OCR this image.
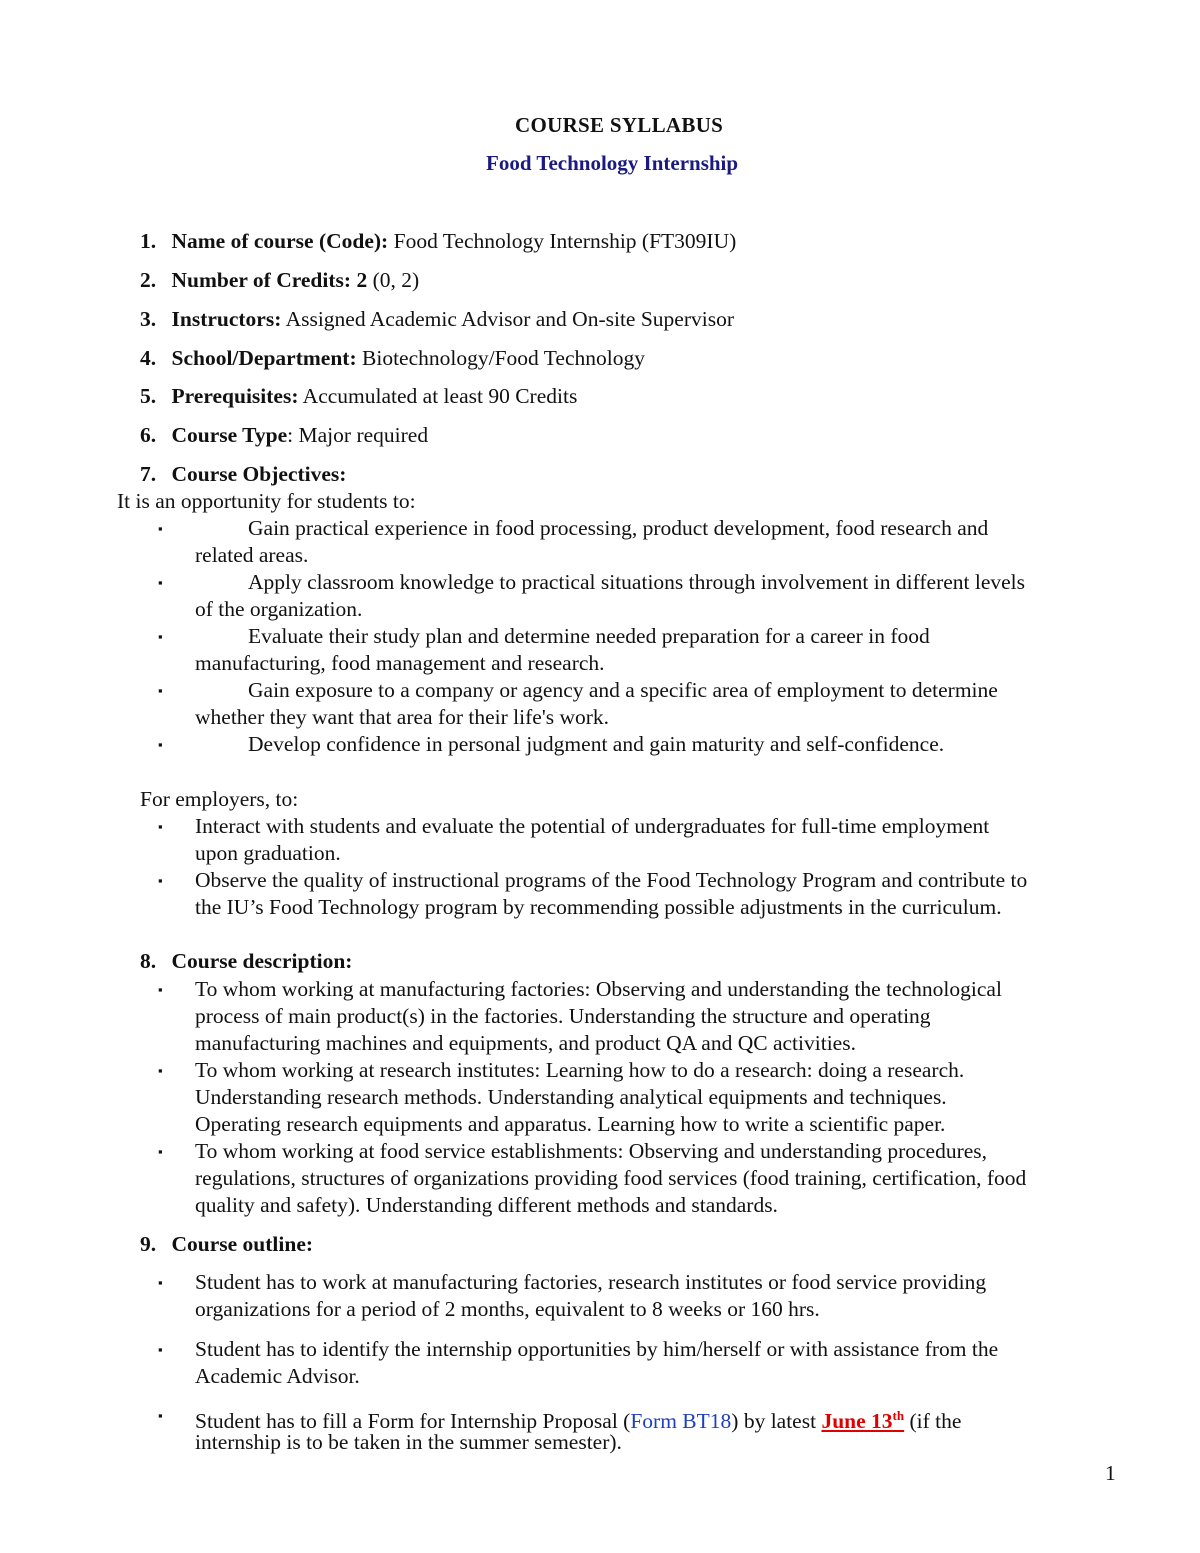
COURSE SYLLABUS
Food Technology Internship
1. Name of course (Code): Food Technology Internship (FT309IU)
2. Number of Credits: 2 (0, 2)
3. Instructors: Assigned Academic Advisor and On-site Supervisor
4. School/Department: Biotechnology/Food Technology
5. Prerequisites: Accumulated at least 90 Credits
6. Course Type: Major required
7. Course Objectives:
It is an opportunity for students to:
▪	Gain practical experience in food processing, product development, food research and
related areas.
▪	Apply classroom knowledge to practical situations through involvement in different levels
of the organization.
▪	Evaluate their study plan and determine needed preparation for a career in food
manufacturing, food management and research.
▪	Gain exposure to a company or agency and a specific area of employment to determine
whether they want that area for their life's work.
▪	Develop confidence in personal judgment and gain maturity and self-confidence.
For employers, to:
▪ Interact with students and evaluate the potential of undergraduates for full-time employment
upon graduation.
▪ Observe the quality of instructional programs of the Food Technology Program and contribute to
the IU’s Food Technology program by recommending possible adjustments in the curriculum.
8. Course description:
▪ To whom working at manufacturing factories: Observing and understanding the technological
process of main product(s) in the factories. Understanding the structure and operating
manufacturing machines and equipments, and product QA and QC activities.
▪ To whom working at research institutes: Learning how to do a research: doing a research.
Understanding research methods. Understanding analytical equipments and techniques.
Operating research equipments and apparatus. Learning how to write a scientific paper.
▪ To whom working at food service establishments: Observing and understanding procedures,
regulations, structures of organizations providing food services (food training, certification, food
quality and safety). Understanding different methods and standards.
9. Course outline:
▪ Student has to work at manufacturing factories, research institutes or food service providing
organizations for a period of 2 months, equivalent to 8 weeks or 160 hrs.
▪ Student has to identify the internship opportunities by him/herself or with assistance from the
Academic Advisor.
▪ Student has to fill a Form for Internship Proposal (Form BT18) by latest June 13th (if the
internship is to be taken in the summer semester).
1
